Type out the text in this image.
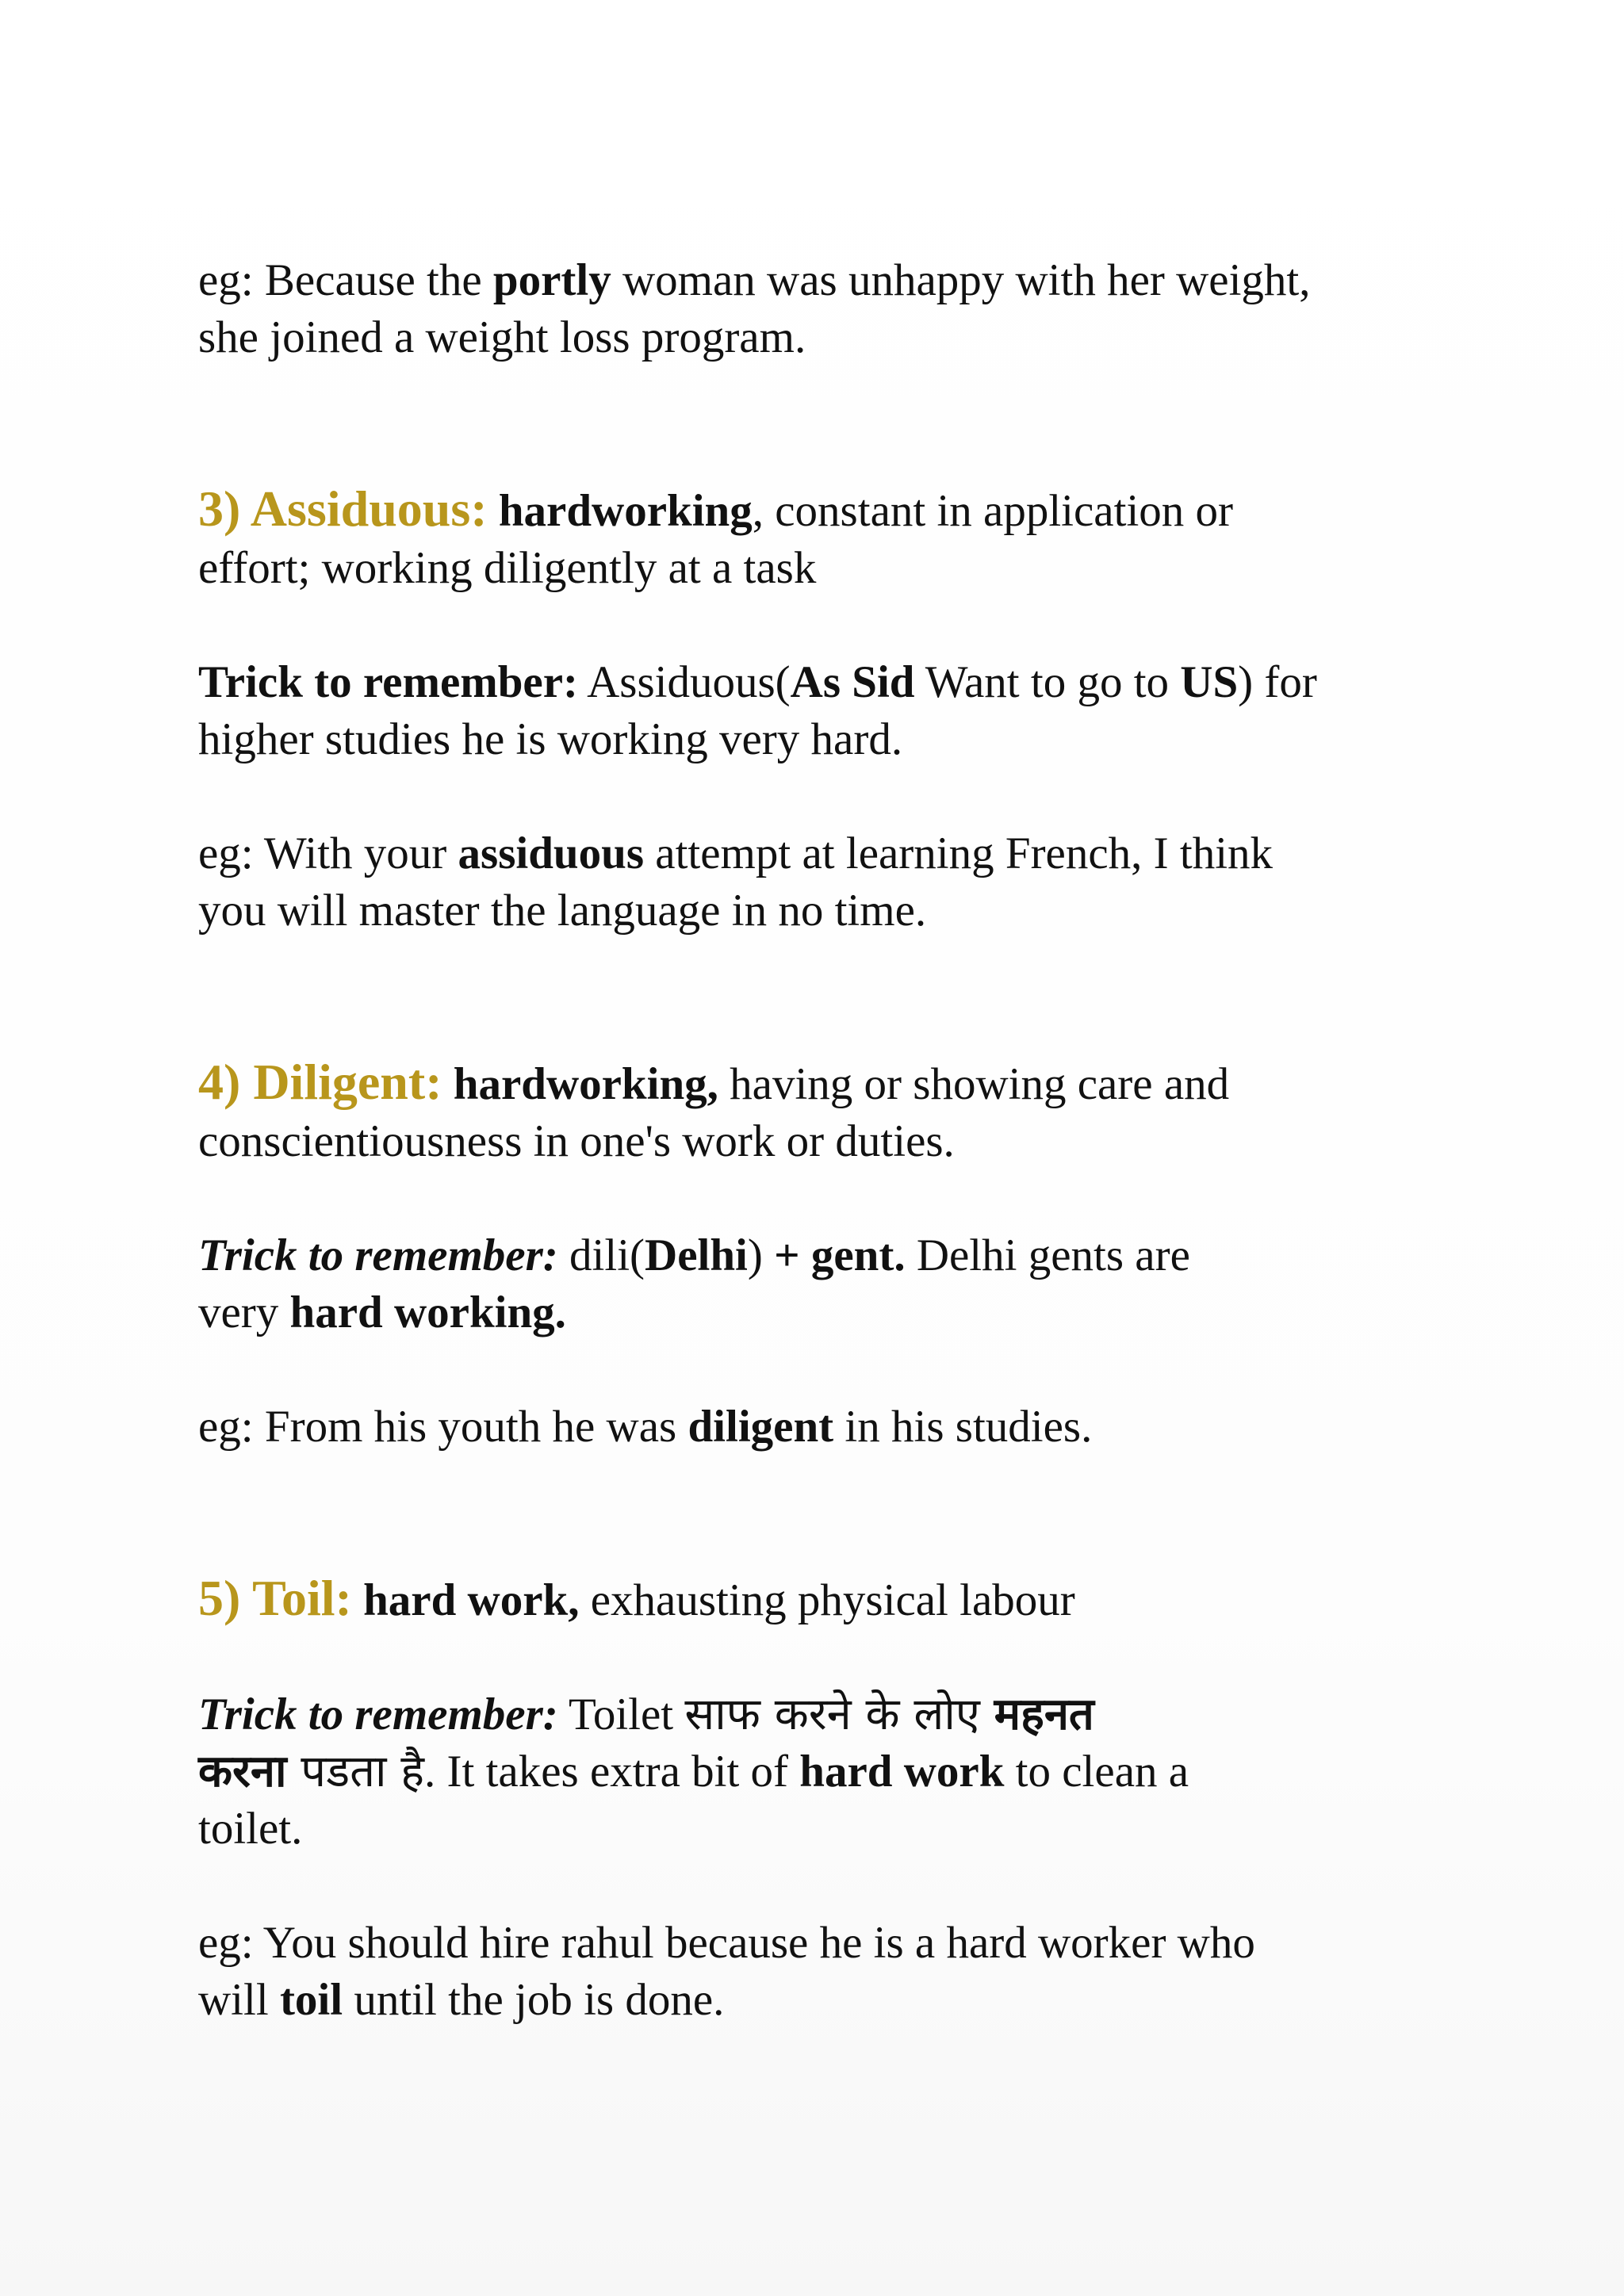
eg: Because the portly woman was unhappy with her weight,
she joined a weight loss program.

3) Assiduous: hardworking, constant in application or
effort; working diligently at a task

Trick to remember: Assiduous(As Sid Want to go to US) for
higher studies he is working very hard.

eg: With your assiduous attempt at learning French, I think
you will master the language in no time.

4) Diligent: hardworking, having or showing care and
conscientiousness in one's work or duties.

Trick to remember: dili(Delhi) + gent. Delhi gents are
very hard working.

eg: From his youth he was diligent in his studies.

5) Toil: hard work, exhausting physical labour

Trick to remember: Toilet साफ करने के लोए महनत
करना पडता है. It takes extra bit of hard work to clean a
toilet.

eg: You should hire rahul because he is a hard worker who
will toil until the job is done.
